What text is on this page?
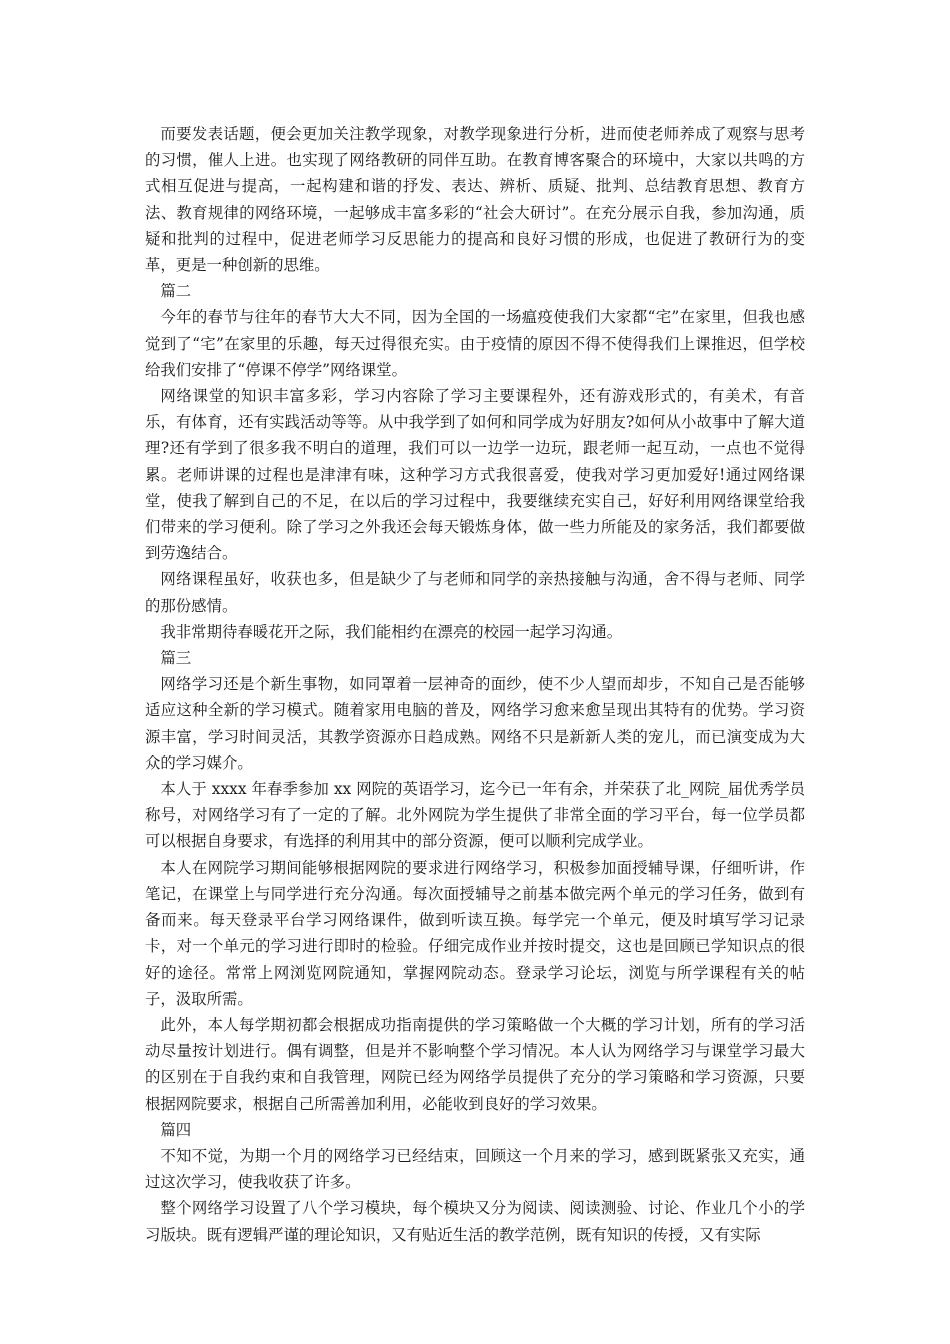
而要发表话题，便会更加关注教学现象，对教学现象进行分析，进而使老师养成了观察与思考的习惯，催人上进。也实现了网络教研的同伴互助。在教育博客聚合的环境中，大家以共鸣的方式相互促进与提高，一起构建和谐的抒发、表达、辨析、质疑、批判、总结教育思想、教育方法、教育规律的网络环境，一起够成丰富多彩的“社会大研讨”。在充分展示自我，参加沟通，质疑和批判的过程中，促进老师学习反思能力的提高和良好习惯的形成，也促进了教研行为的变革，更是一种创新的思维。

篇二

今年的春节与往年的春节大大不同，因为全国的一场瘟疫使我们大家都“宅”在家里，但我也感觉到了“宅”在家里的乐趣，每天过得很充实。由于疫情的原因不得不使得我们上课推迟，但学校给我们安排了“停课不停学”网络课堂。

网络课堂的知识丰富多彩，学习内容除了学习主要课程外，还有游戏形式的，有美术，有音乐，有体育，还有实践活动等等。从中我学到了如何和同学成为好朋友?如何从小故事中了解大道理?还有学到了很多我不明白的道理，我们可以一边学一边玩，跟老师一起互动，一点也不觉得累。老师讲课的过程也是津津有味，这种学习方式我很喜爱，使我对学习更加爱好!通过网络课堂，使我了解到自己的不足，在以后的学习过程中，我要继续充实自己，好好利用网络课堂给我们带来的学习便利。除了学习之外我还会每天锻炼身体，做一些力所能及的家务活，我们都要做到劳逸结合。

网络课程虽好，收获也多，但是缺少了与老师和同学的亲热接触与沟通，舍不得与老师、同学的那份感情。

我非常期待春暖花开之际，我们能相约在漂亮的校园一起学习沟通。

篇三

网络学习还是个新生事物，如同罩着一层神奇的面纱，使不少人望而却步，不知自己是否能够适应这种全新的学习模式。随着家用电脑的普及，网络学习愈来愈呈现出其特有的优势。学习资源丰富，学习时间灵活，其教学资源亦日趋成熟。网络不只是新新人类的宠儿，而已演变成为大众的学习媒介。

本人于 xxxx 年春季参加 xx 网院的英语学习，迄今已一年有余，并荣获了北_网院_届优秀学员称号，对网络学习有了一定的了解。北外网院为学生提供了非常全面的学习平台，每一位学员都可以根据自身要求，有选择的利用其中的部分资源，便可以顺利完成学业。

本人在网院学习期间能够根据网院的要求进行网络学习，积极参加面授辅导课，仔细听讲，作笔记，在课堂上与同学进行充分沟通。每次面授辅导之前基本做完两个单元的学习任务，做到有备而来。每天登录平台学习网络课件，做到听读互换。每学完一个单元，便及时填写学习记录卡，对一个单元的学习进行即时的检验。仔细完成作业并按时提交，这也是回顾已学知识点的很好的途径。常常上网浏览网院通知，掌握网院动态。登录学习论坛，浏览与所学课程有关的帖子，汲取所需。

此外，本人每学期初都会根据成功指南提供的学习策略做一个大概的学习计划，所有的学习活动尽量按计划进行。偶有调整，但是并不影响整个学习情况。本人认为网络学习与课堂学习最大的区别在于自我约束和自我管理，网院已经为网络学员提供了充分的学习策略和学习资源，只要根据网院要求，根据自己所需善加利用，必能收到良好的学习效果。

篇四

不知不觉，为期一个月的网络学习已经结束，回顾这一个月来的学习，感到既紧张又充实，通过这次学习，使我收获了许多。

整个网络学习设置了八个学习模块，每个模块又分为阅读、阅读测验、讨论、作业几个小的学习版块。既有逻辑严谨的理论知识，又有贴近生活的教学范例，既有知识的传授，又有实际
